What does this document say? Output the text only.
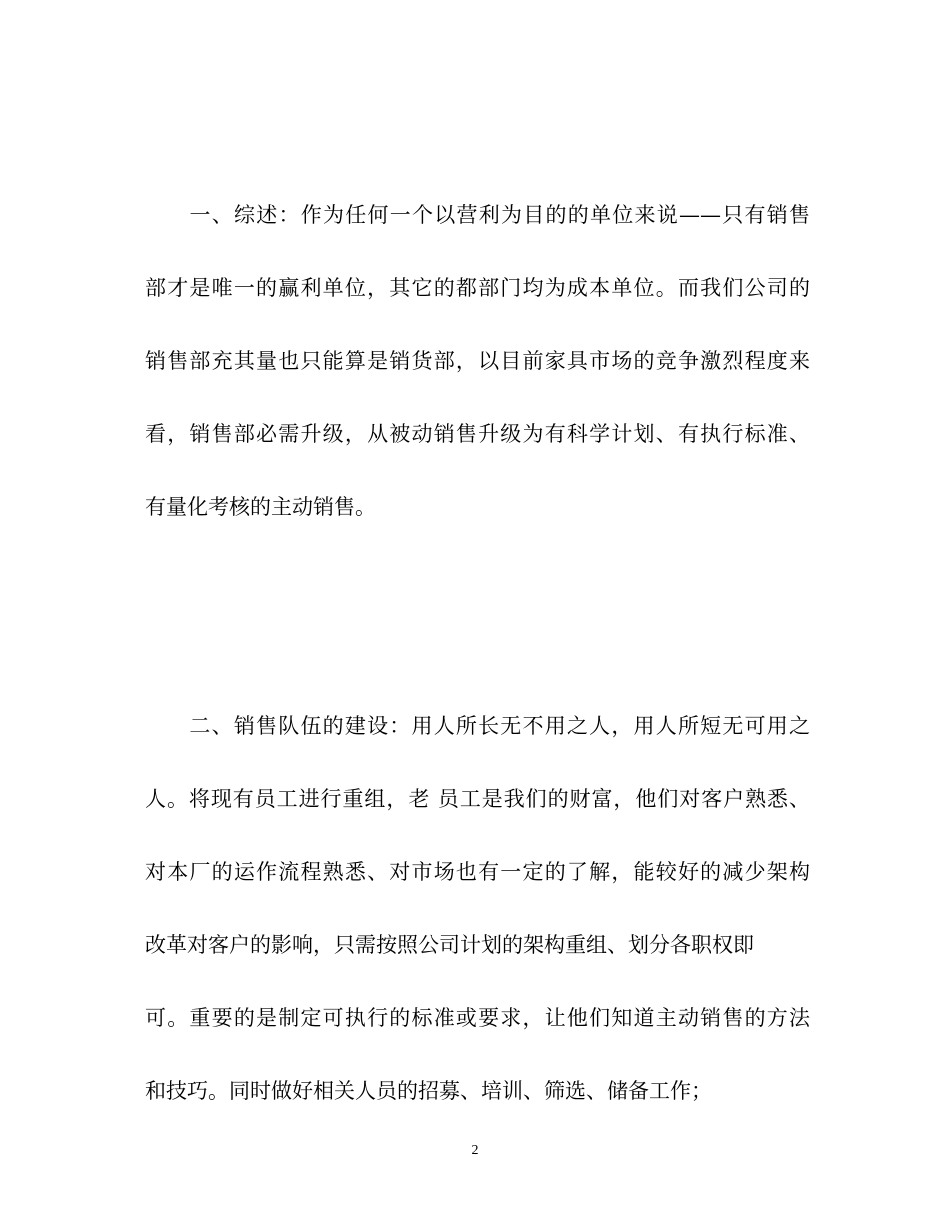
　　一、综述：作为任何一个以营利为目的的单位来说——只有销售
部才是唯一的赢利单位，其它的都部门均为成本单位。而我们公司的
销售部充其量也只能算是销货部，以目前家具市场的竞争激烈程度来
看，销售部必需升级，从被动销售升级为有科学计划、有执行标准、
有量化考核的主动销售。
　　二、销售队伍的建设：用人所长无不用之人，用人所短无可用之
人。将现有员工进行重组，老 员工是我们的财富，他们对客户熟悉、
对本厂的运作流程熟悉、对市场也有一定的了解，能较好的减少架构
改革对客户的影响，只需按照公司计划的架构重组、划分各职权即
可。重要的是制定可执行的标准或要求，让他们知道主动销售的方法
和技巧。同时做好相关人员的招募、培训、筛选、储备工作；
2
